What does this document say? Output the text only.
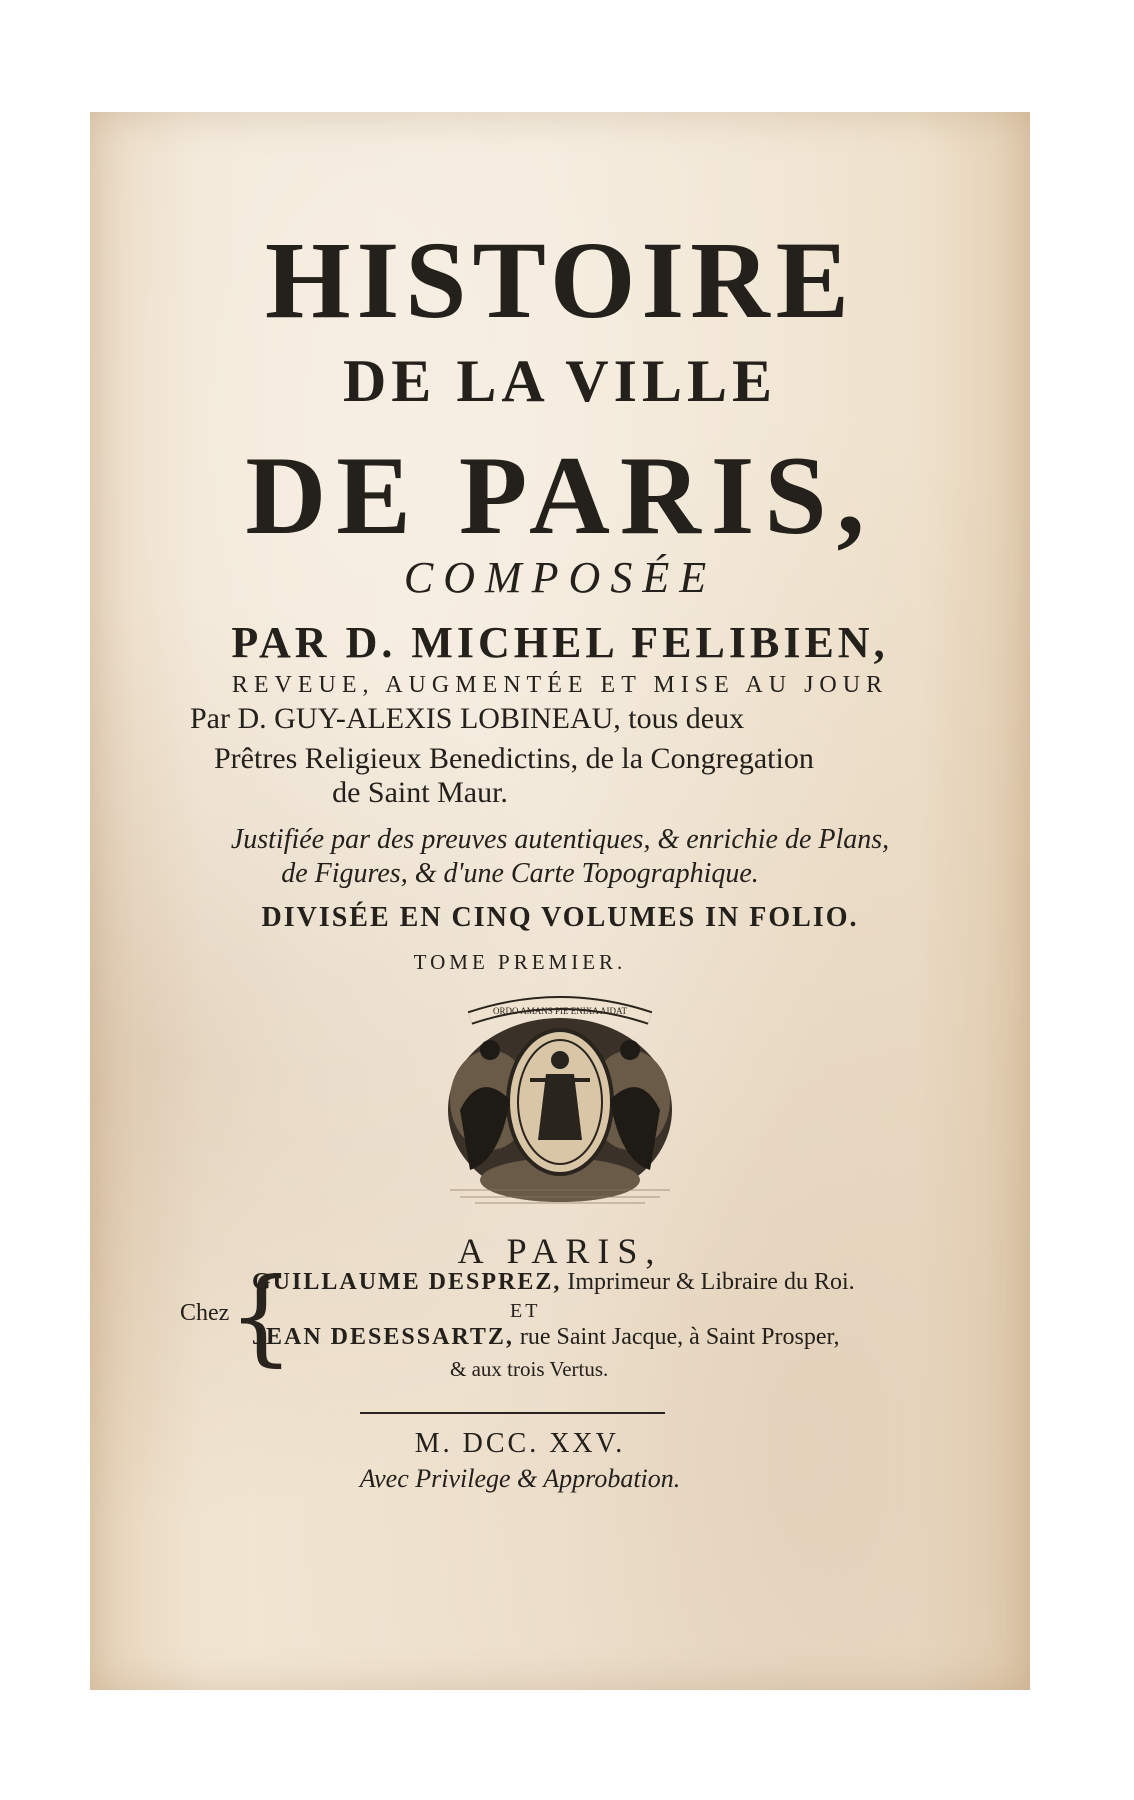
HISTOIRE
DE LA VILLE
DE PARIS,
COMPOSÉE
PAR D. MICHEL FELIBIEN,
REVEUE, AUGMENTÉE ET MISE AU JOUR
Par D. GUY-ALEXIS LOBINEAU, tous deux
Prêtres Religieux Benedictins, de la Congregation
de Saint Maur.
Justifiée par des preuves autentiques, & enrichie de Plans,
de Figures, & d'une Carte Topographique.
DIVISÉE EN CINQ VOLUMES IN FOLIO.
TOME PREMIER.
ORDO AMANS PIE ENIXA AIDAT
A PARIS,
Chez
{
GUILLAUME DESPREZ, Imprimeur & Libraire du Roi.
ET
JEAN DESESSARTZ, rue Saint Jacque, à Saint Prosper,
& aux trois Vertus.
M. DCC. XXV.
Avec Privilege & Approbation.
